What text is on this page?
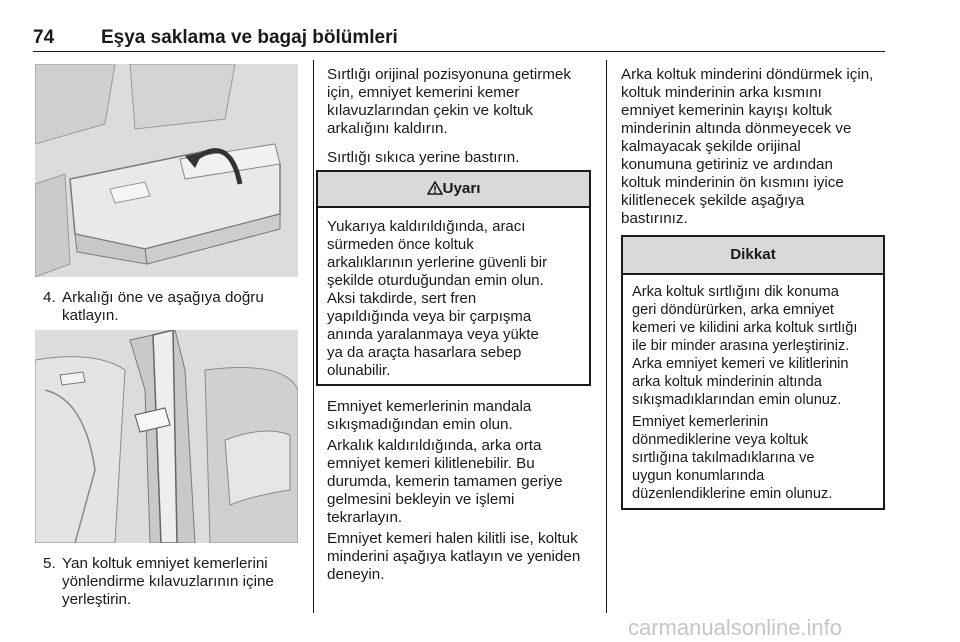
74 Eşya saklama ve bagaj bölümleri
4. Arkalığı öne ve aşağıya doğru
katlayın.
5. Yan koltuk emniyet kemerlerini
yönlendirme kılavuzlarının içine
yerleştirin.
Sırtlığı orijinal pozisyonuna getirmek
için, emniyet kemerini kemer
kılavuzlarından çekin ve koltuk
arkalığını kaldırın.
Sırtlığı sıkıca yerine bastırın.
Uyarı
Yukarıya kaldırıldığında, aracı
sürmeden önce koltuk
arkalıklarının yerlerine güvenli bir
şekilde oturduğundan emin olun.
Aksi takdirde, sert fren
yapıldığında veya bir çarpışma
anında yaralanmaya veya yükte
ya da araçta hasarlara sebep
olunabilir.
Emniyet kemerlerinin mandala
sıkışmadığından emin olun.
Arkalık kaldırıldığında, arka orta
emniyet kemeri kilitlenebilir. Bu
durumda, kemerin tamamen geriye
gelmesini bekleyin ve işlemi
tekrarlayın.
Emniyet kemeri halen kilitli ise, koltuk
minderini aşağıya katlayın ve yeniden
deneyin.
Arka koltuk minderini döndürmek için,
koltuk minderinin arka kısmını
emniyet kemerinin kayışı koltuk
minderinin altında dönmeyecek ve
kalmayacak şekilde orijinal
konumuna getiriniz ve ardından
koltuk minderinin ön kısmını iyice
kilitlenecek şekilde aşağıya
bastırınız.
Dikkat
Arka koltuk sırtlığını dik konuma
geri döndürürken, arka emniyet
kemeri ve kilidini arka koltuk sırtlığı
ile bir minder arasına yerleştiriniz.
Arka emniyet kemeri ve kilitlerinin
arka koltuk minderinin altında
sıkışmadıklarından emin olunuz.
Emniyet kemerlerinin
dönmediklerine veya koltuk
sırtlığına takılmadıklarına ve
uygun konumlarında
düzenlendiklerine emin olunuz.
carmanualsonline.info
